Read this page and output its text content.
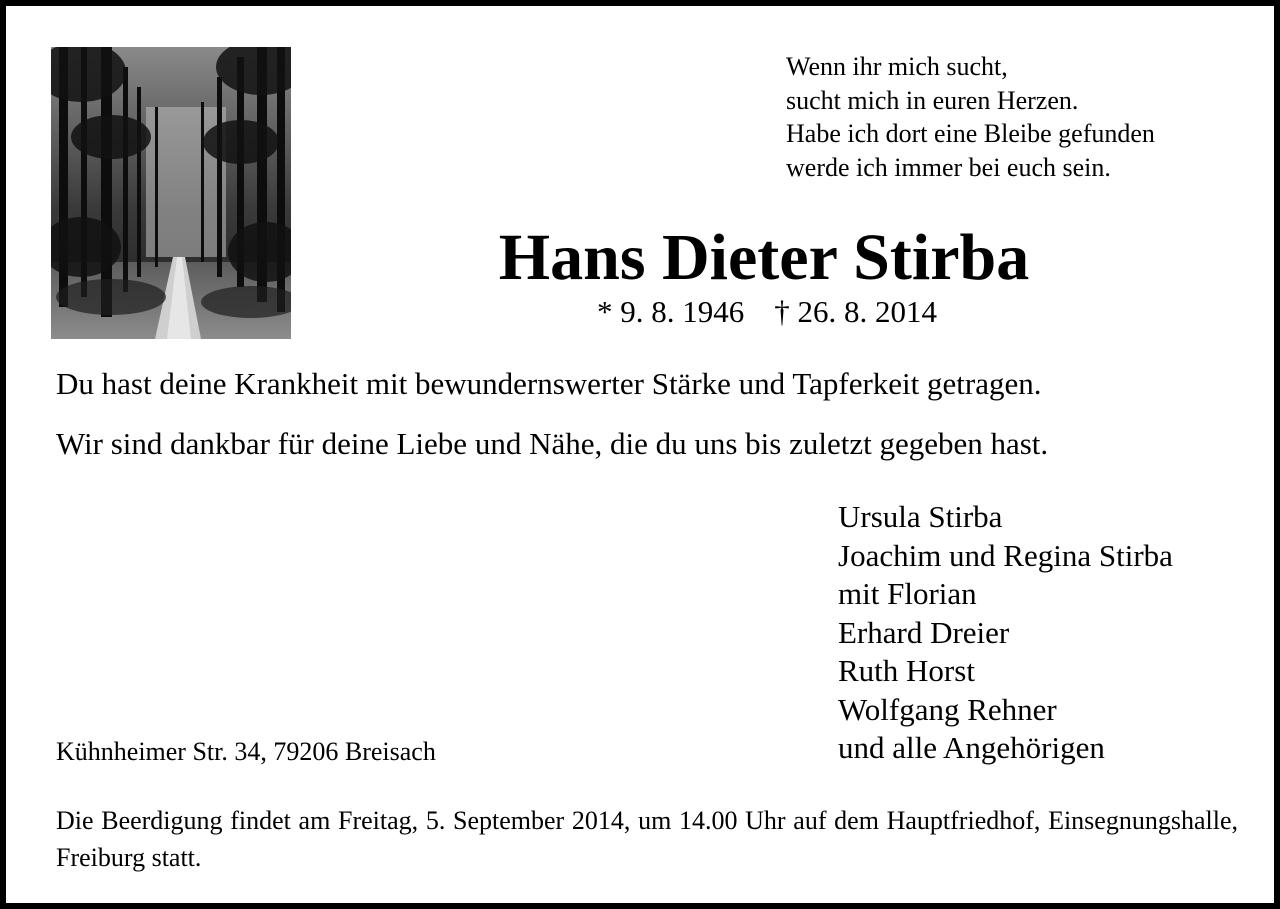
Wenn ihr mich sucht,
sucht mich in euren Herzen.
Habe ich dort eine Bleibe gefunden
werde ich immer bei euch sein.
Hans Dieter Stirba
* 9. 8. 1946 † 26. 8. 2014
Du hast deine Krankheit mit bewundernswerter Stärke und Tapferkeit getragen.
Wir sind dankbar für deine Liebe und Nähe, die du uns bis zuletzt gegeben hast.
Ursula Stirba
Joachim und Regina Stirba
mit Florian
Erhard Dreier
Ruth Horst
Wolfgang Rehner
und alle Angehörigen
Kühnheimer Str. 34, 79206 Breisach
Die Beerdigung findet am Freitag, 5. September 2014, um 14.00 Uhr auf dem Hauptfriedhof, Einsegnungshalle, Freiburg statt.
